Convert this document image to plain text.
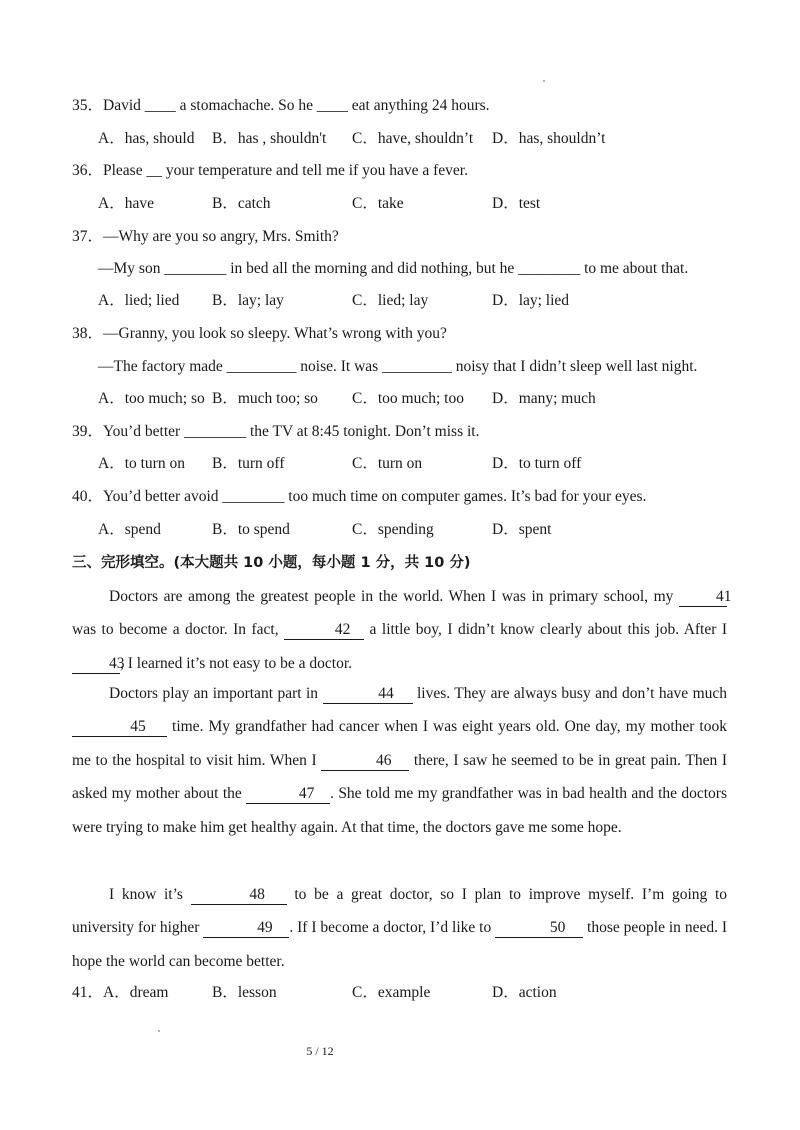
35．David ____ a stomachache. So he ____ eat anything 24 hours.
A．has, should B．has , shouldn't C．have, shouldn’t D．has, shouldn’t
36．Please __ your temperature and tell me if you have a fever.
A．have	B．catch	C．take	D．test
37．—Why are you so angry, Mrs. Smith?
—My son ________ in bed all the morning and did nothing, but he ________ to me about that.
A．lied; lied B．lay; lay	C．lied; lay	D．lay; lied
38．—Granny, you look so sleepy. What’s wrong with you?
—The factory made _________ noise. It was _________ noisy that I didn’t sleep well last night.
A．too much; so B．much too; so C．too much; too D．many; much
39．You’d better ________ the TV at 8:45 tonight. Don’t miss it.
A．to turn on B．turn off	C．turn on	D．to turn off
40．You’d better avoid ________ too much time on computer games. It’s bad for your eyes.
A．spend	B．to spend	C．spending	D．spent
三、完形填空。(本大题共 10 小题，每小题 1 分，共 10 分)
Doctors are among the greatest people in the world. When I was in primary school, my	41 was to become a doctor. In fact,	42 a little boy, I didn’t know clearly about this job. After I 43, I learned it’s not easy to be a doctor.
Doctors play an important part in	44 lives. They are always busy and don’t have much 45 time. My grandfather had cancer when I was eight years old. One day, my mother took me to the hospital to visit him. When I	46 there, I saw he seemed to be in great pain. Then I asked my mother about the	47 . She told me my grandfather was in bad health and the doctors were trying to make him get healthy again. At that time, the doctors gave me some hope.
I know it’s	48 to be a great doctor, so I plan to improve myself. I’m going to university for higher	49 . If I become a doctor, I’d like to	50 those people in need. I hope the world can become better.
41．A．dream	B．lesson	C．example	D．action
5 / 12
